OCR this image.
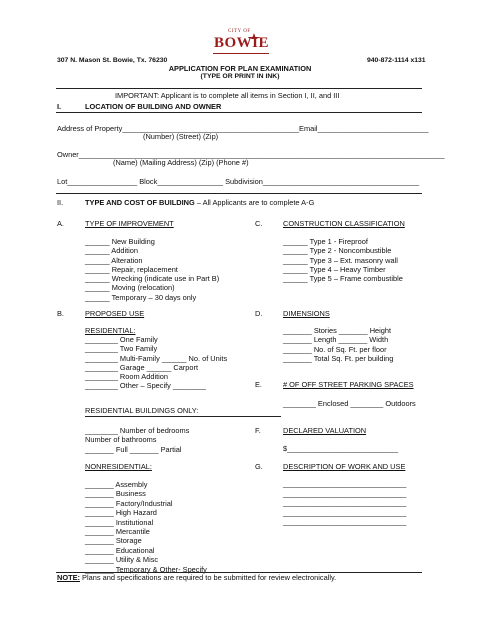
CITY OF
BOWIE
307 N. Mason St. Bowie, Tx. 76230	940-872-1114 x131
APPLICATION FOR PLAN EXAMINATION
(TYPE OR PRINT IN INK)
IMPORTANT: Applicant is to complete all items in Section I, II, and III
I.	LOCATION OF BUILDING AND OWNER
Address of Property___________________________________________Email___________________________
(Number) (Street) (Zip)
Owner_________________________________________________________________________________________
(Name) (Mailing Address) (Zip) (Phone #)
Lot_________________ Block________________ Subdivision______________________________________
II.	TYPE AND COST OF BUILDING – All Applicants are to complete A-G
A.	TYPE OF IMPROVEMENT
______ New Building
______ Addition
______ Alteration
______ Repair, replacement
______ Wrecking (indicate use in Part B)
______ Moving (relocation)
______ Temporary – 30 days only
C.	CONSTRUCTION CLASSIFICATION
______ Type 1 - Fireproof
______ Type 2 - Noncombustible
______ Type 3 – Ext. masonry wall
______ Type 4 – Heavy Timber
______ Type 5 – Frame combustible
B.	PROPOSED USE
RESIDENTIAL:
________ One Family
________ Two Family
________ Multi-Family ______ No. of Units
________ Garage ______ Carport
________ Room Addition
________ Other – Specify ________
RESIDENTIAL BUILDINGS ONLY:
________ Number of bedrooms
Number of bathrooms
_______ Full _______ Partial
NONRESIDENTIAL:
_______ Assembly
_______ Business
_______ Factory/Industrial
_______ High Hazard
_______ Institutional
_______ Mercantile
_______ Storage
_______ Educational
_______ Utility & Misc
_______ Temporary & Other- Specify
D.	DIMENSIONS
_______ Stories _______ Height
_______ Length _______ Width
_______ No. of Sq. Ft. per floor
_______ Total Sq. Ft. per building
E.	# OF OFF STREET PARKING SPACES
________ Enclosed ________ Outdoors
F.	DECLARED VALUATION
$___________________________
G.	DESCRIPTION OF WORK AND USE
______________________________
______________________________
______________________________
______________________________
______________________________
NOTE: Plans and specifications are required to be submitted for review electronically.
